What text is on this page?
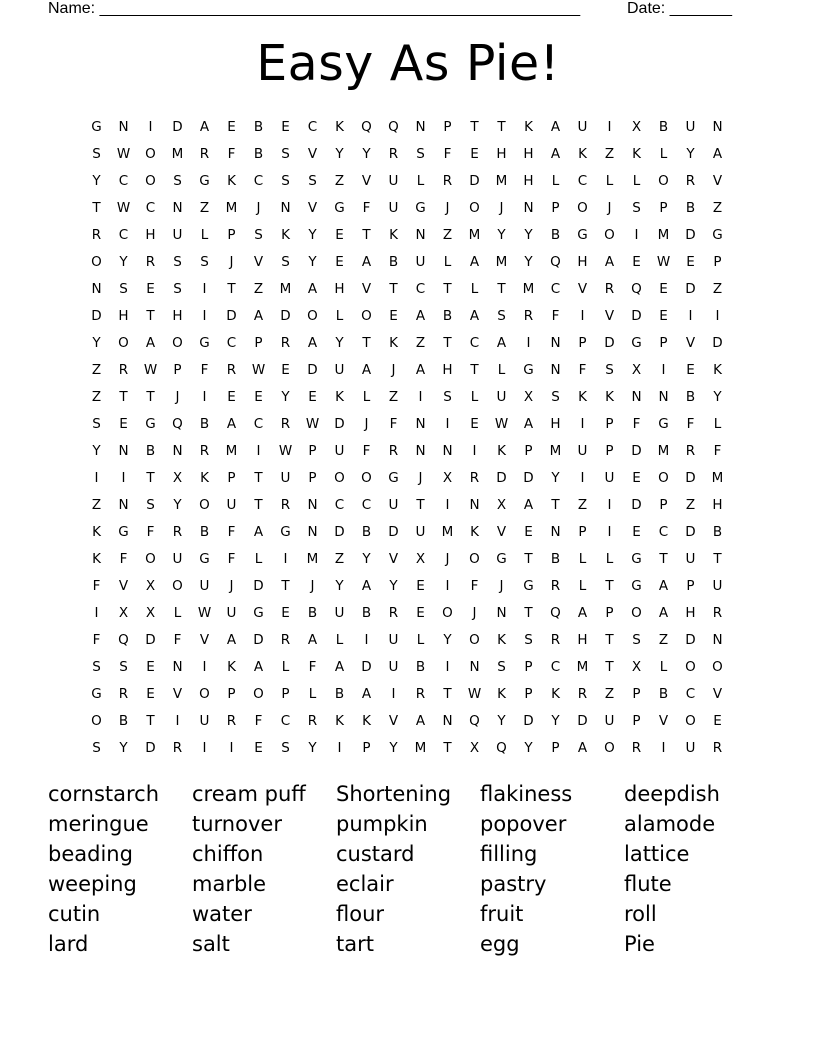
Name: ______________________________________________________	Date: _______
Easy As Pie!
G	N	I	D	A	E	B	E	C	K	Q	Q	N	P	T	T	K	A	U	I	X	B	U	N
S	W	O	M	R	F	B	S	V	Y	Y	R	S	F	E	H	H	A	K	Z	K	L	Y	A
Y	C	O	S	G	K	C	S	S	Z	V	U	L	R	D	M	H	L	C	L	L	O	R	V
T	W	C	N	Z	M	J	N	V	G	F	U	G	J	O	J	N	P	O	J	S	P	B	Z
R	C	H	U	L	P	S	K	Y	E	T	K	N	Z	M	Y	Y	B	G	O	I	M	D	G
O	Y	R	S	S	J	V	S	Y	E	A	B	U	L	A	M	Y	Q	H	A	E	W	E	P
N	S	E	S	I	T	Z	M	A	H	V	T	C	T	L	T	M	C	V	R	Q	E	D	Z
D	H	T	H	I	D	A	D	O	L	O	E	A	B	A	S	R	F	I	V	D	E	I	I
Y	O	A	O	G	C	P	R	A	Y	T	K	Z	T	C	A	I	N	P	D	G	P	V	D
Z	R	W	P	F	R	W	E	D	U	A	J	A	H	T	L	G	N	F	S	X	I	E	K
Z	T	T	J	I	E	E	Y	E	K	L	Z	I	S	L	U	X	S	K	K	N	N	B	Y
S	E	G	Q	B	A	C	R	W	D	J	F	N	I	E	W	A	H	I	P	F	G	F	L
Y	N	B	N	R	M	I	W	P	U	F	R	N	N	I	K	P	M	U	P	D	M	R	F
I	I	T	X	K	P	T	U	P	O	O	G	J	X	R	D	D	Y	I	U	E	O	D	M
Z	N	S	Y	O	U	T	R	N	C	C	U	T	I	N	X	A	T	Z	I	D	P	Z	H
K	G	F	R	B	F	A	G	N	D	B	D	U	M	K	V	E	N	P	I	E	C	D	B
K	F	O	U	G	F	L	I	M	Z	Y	V	X	J	O	G	T	B	L	L	G	T	U	T
F	V	X	O	U	J	D	T	J	Y	A	Y	E	I	F	J	G	R	L	T	G	A	P	U
I	X	X	L	W	U	G	E	B	U	B	R	E	O	J	N	T	Q	A	P	O	A	H	R
F	Q	D	F	V	A	D	R	A	L	I	U	L	Y	O	K	S	R	H	T	S	Z	D	N
S	S	E	N	I	K	A	L	F	A	D	U	B	I	N	S	P	C	M	T	X	L	O	O
G	R	E	V	O	P	O	P	L	B	A	I	R	T	W	K	P	K	R	Z	P	B	C	V
O	B	T	I	U	R	F	C	R	K	K	V	A	N	Q	Y	D	Y	D	U	P	V	O	E
S	Y	D	R	I	I	E	S	Y	I	P	Y	M	T	X	Q	Y	P	A	O	R	I	U	R
cornstarch	cream puff	Shortening	flakiness	deepdish
meringue	turnover	pumpkin	popover	alamode
beading	chiffon	custard	filling	lattice
weeping	marble	eclair	pastry	flute
cutin	water	flour	fruit	roll
lard	salt	tart	egg	Pie
